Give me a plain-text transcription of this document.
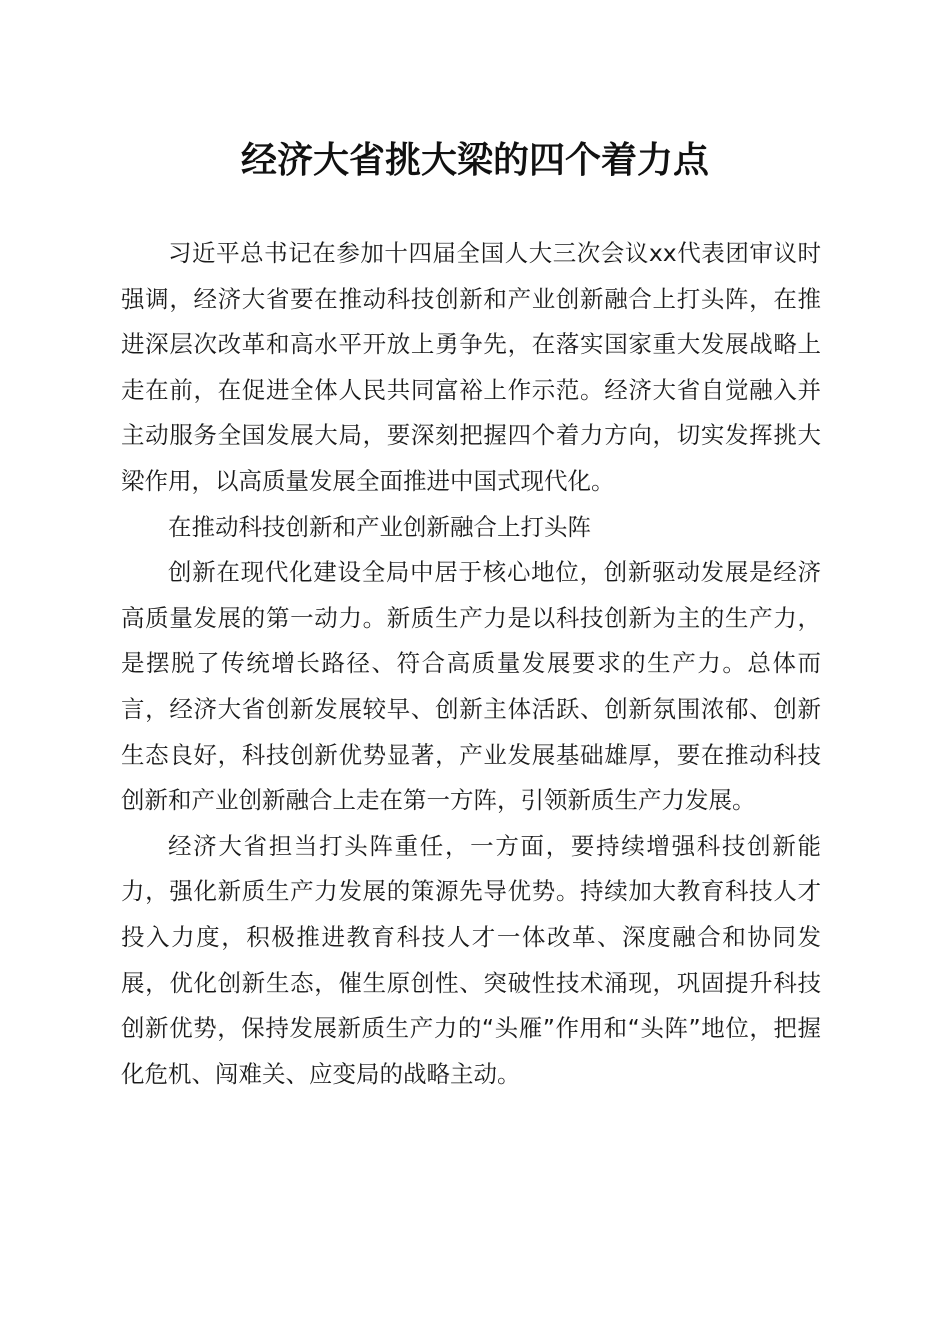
经济大省挑大梁的四个着力点

习近平总书记在参加十四届全国人大三次会议xx代表团审议时强调，经济大省要在推动科技创新和产业创新融合上打头阵，在推进深层次改革和高水平开放上勇争先，在落实国家重大发展战略上走在前，在促进全体人民共同富裕上作示范。经济大省自觉融入并主动服务全国发展大局，要深刻把握四个着力方向，切实发挥挑大梁作用，以高质量发展全面推进中国式现代化。

在推动科技创新和产业创新融合上打头阵

创新在现代化建设全局中居于核心地位，创新驱动发展是经济高质量发展的第一动力。新质生产力是以科技创新为主的生产力，是摆脱了传统增长路径、符合高质量发展要求的生产力。总体而言，经济大省创新发展较早、创新主体活跃、创新氛围浓郁、创新生态良好，科技创新优势显著，产业发展基础雄厚，要在推动科技创新和产业创新融合上走在第一方阵，引领新质生产力发展。

经济大省担当打头阵重任，一方面，要持续增强科技创新能力，强化新质生产力发展的策源先导优势。持续加大教育科技人才投入力度，积极推进教育科技人才一体改革、深度融合和协同发展，优化创新生态，催生原创性、突破性技术涌现，巩固提升科技创新优势，保持发展新质生产力的“头雁”作用和“头阵”地位，把握化危机、闯难关、应变局的战略主动。
